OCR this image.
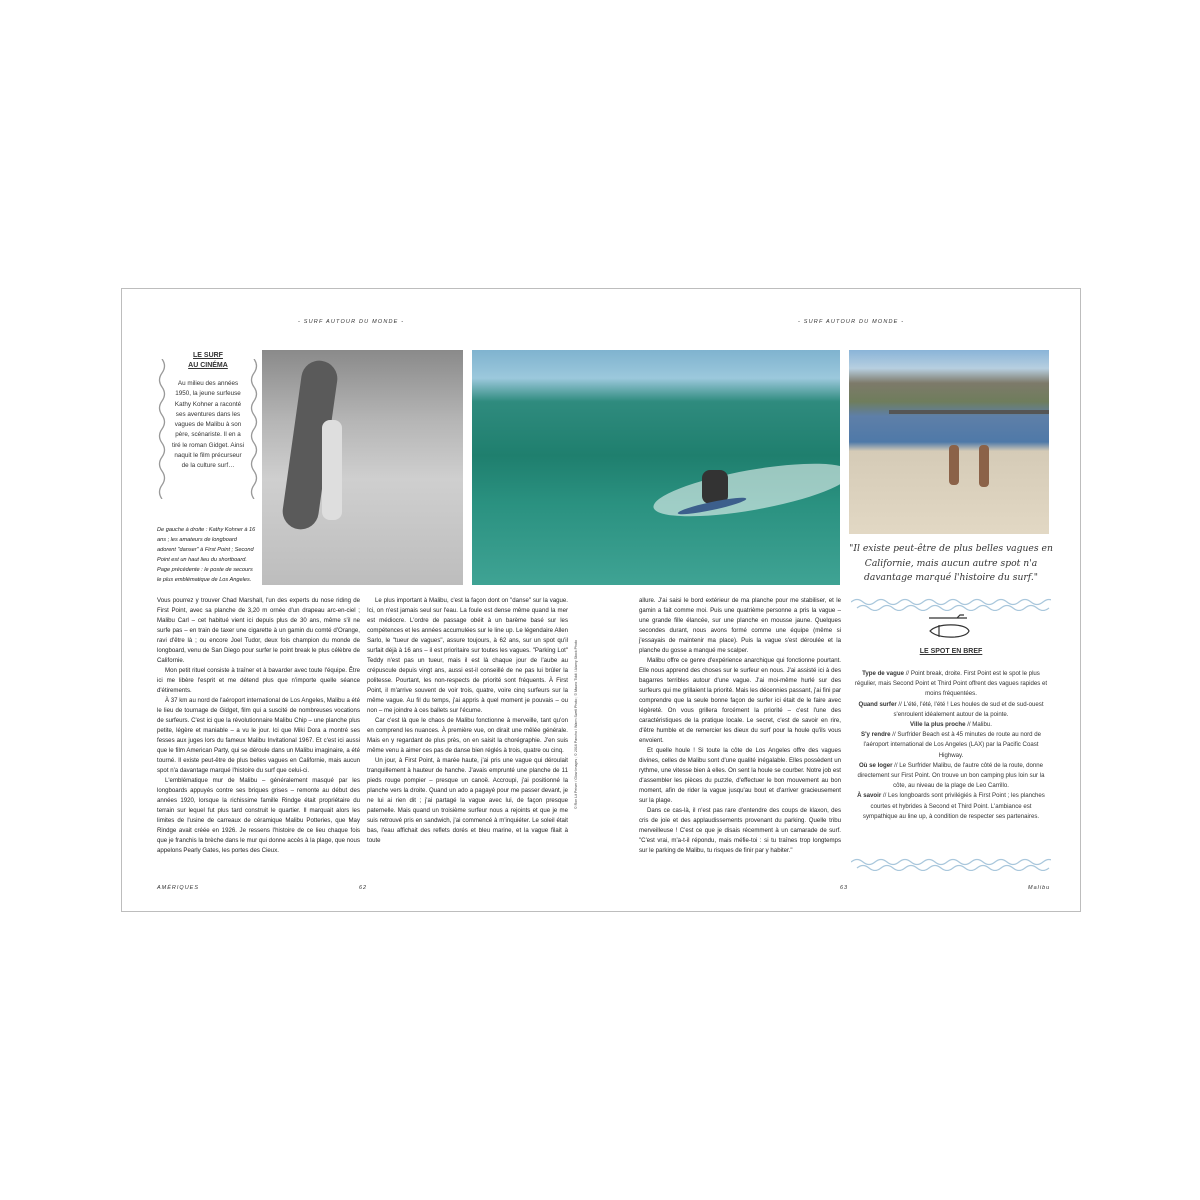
- SURF AUTOUR DU MONDE -	- SURF AUTOUR DU MONDE -
LE SURF
AU CINÉMA
Au milieu des années 1950, la jeune surfeuse Kathy Kohner a raconté ses aventures dans les vagues de Malibu à son père, scénariste. Il en a tiré le roman Gidget. Ainsi naquit le film précurseur de la culture surf…
De gauche à droite : Kathy Kohner à 16 ans ; les amateurs de longboard adorent "danser" à First Point ; Second Point est un haut lieu du shortboard. Page précédente : le poste de secours le plus emblématique de Los Angeles.
© Ron Lit Peiser / Glow Images ; © 2016 Pancho / Warm Swell Photo ; © Mauro Tiddi / Alamy Stock Photo

Vous pourrez y trouver Chad Marshall, l'un des experts du nose riding de First Point, avec sa planche de 3,20 m ornée d'un drapeau arc-en-ciel ; Malibu Carl – cet habitué vient ici depuis plus de 30 ans, même s'il ne surfe pas – en train de taxer une cigarette à un gamin du comté d'Orange, ravi d'être là ; ou encore Joel Tudor, deux fois champion du monde de longboard, venu de San Diego pour surfer le point break le plus célèbre de Californie.

Mon petit rituel consiste à traîner et à bavarder avec toute l'équipe. Être ici me libère l'esprit et me détend plus que n'importe quelle séance d'étirements.

À 37 km au nord de l'aéroport international de Los Angeles, Malibu a été le lieu de tournage de Gidget, film qui a suscité de nombreuses vocations de surfeurs. C'est ici que la révolutionnaire Malibu Chip – une planche plus petite, légère et maniable – a vu le jour. Ici que Miki Dora a montré ses fesses aux juges lors du fameux Malibu Invitational 1967. Et c'est ici aussi que le film American Party, qui se déroule dans un Malibu imaginaire, a été tourné. Il existe peut-être de plus belles vagues en Californie, mais aucun spot n'a davantage marqué l'histoire du surf que celui-ci.

L'emblématique mur de Malibu – généralement masqué par les longboards appuyés contre ses briques grises – remonte au début des années 1920, lorsque la richissime famille Rindge était propriétaire du terrain sur lequel fut plus tard construit le quartier. Il marquait alors les limites de l'usine de carreaux de céramique Malibu Potteries, que May Rindge avait créée en 1926. Je ressens l'histoire de ce lieu chaque fois que je franchis la brèche dans le mur qui donne accès à la plage, que nous appelons Pearly Gates, les portes des Cieux.

Le plus important à Malibu, c'est la façon dont on "danse" sur la vague. Ici, on n'est jamais seul sur l'eau. La foule est dense même quand la mer est médiocre. L'ordre de passage obéit à un barème basé sur les compétences et les années accumulées sur le line up. Le légendaire Allen Sarlo, le "tueur de vagues", assure toujours, à 62 ans, sur un spot qu'il surfait déjà à 16 ans – il est prioritaire sur toutes les vagues. "Parking Lot" Teddy n'est pas un tueur, mais il est là chaque jour de l'aube au crépuscule depuis vingt ans, aussi est-il conseillé de ne pas lui brûler la politesse. Pourtant, les non-respects de priorité sont fréquents. À First Point, il m'arrive souvent de voir trois, quatre, voire cinq surfeurs sur la même vague. Au fil du temps, j'ai appris à quel moment je pouvais – ou non – me joindre à ces ballets sur l'écume.

Car c'est là que le chaos de Malibu fonctionne à merveille, tant qu'on en comprend les nuances. À première vue, on dirait une mêlée générale. Mais en y regardant de plus près, on en saisit la chorégraphie. J'en suis même venu à aimer ces pas de danse bien réglés à trois, quatre ou cinq.

Un jour, à First Point, à marée haute, j'ai pris une vague qui déroulait tranquillement à hauteur de hanche. J'avais emprunté une planche de 11 pieds rouge pompier – presque un canoë. Accroupi, j'ai positionné la planche vers la droite. Quand un ado a pagayé pour me passer devant, je ne lui ai rien dit ; j'ai partagé la vague avec lui, de façon presque paternelle. Mais quand un troisième surfeur nous a rejoints et que je me suis retrouvé pris en sandwich, j'ai commencé à m'inquiéter. Le soleil était bas, l'eau affichait des reflets dorés et bleu marine, et la vague filait à toute

allure. J'ai saisi le bord extérieur de ma planche pour me stabiliser, et le gamin a fait comme moi. Puis une quatrième personne a pris la vague – une grande fille élancée, sur une planche en mousse jaune. Quelques secondes durant, nous avons formé comme une équipe (même si j'essayais de maintenir ma place). Puis la vague s'est déroulée et la planche du gosse a manqué me scalper.

Malibu offre ce genre d'expérience anarchique qui fonctionne pourtant. Elle nous apprend des choses sur le surfeur en nous. J'ai assisté ici à des bagarres terribles autour d'une vague. J'ai moi-même hurlé sur des surfeurs qui me grillaient la priorité. Mais les décennies passant, j'ai fini par comprendre que la seule bonne façon de surfer ici était de le faire avec légèreté. On vous grillera forcément la priorité – c'est l'une des caractéristiques de la pratique locale. Le secret, c'est de savoir en rire, d'être humble et de remercier les dieux du surf pour la houle qu'ils vous envoient.

Et quelle houle ! Si toute la côte de Los Angeles offre des vagues divines, celles de Malibu sont d'une qualité inégalable. Elles possèdent un rythme, une vitesse bien à elles. On sent la houle se courber. Notre job est d'assembler les pièces du puzzle, d'effectuer le bon mouvement au bon moment, afin de rider la vague jusqu'au bout et d'arriver gracieusement sur la plage.

Dans ce cas-là, il n'est pas rare d'entendre des coups de klaxon, des cris de joie et des applaudissements provenant du parking. Quelle tribu merveilleuse ! C'est ce que je disais récemment à un camarade de surf. "C'est vrai, m'a-t-il répondu, mais méfie-toi : si tu traînes trop longtemps sur le parking de Malibu, tu risques de finir par y habiter."

"Il existe peut-être de plus belles vagues en Californie, mais aucun autre spot n'a davantage marqué l'histoire du surf."
LE SPOT EN BREF
Type de vague // Point break, droite. First Point est le spot le plus régulier, mais Second Point et Third Point offrent des vagues rapides et moins fréquentées.
Quand surfer // L'été, l'été, l'été ! Les houles de sud et de sud-ouest s'enroulent idéalement autour de la pointe.
Ville la plus proche // Malibu.
S'y rendre // Surfrider Beach est à 45 minutes de route au nord de l'aéroport international de Los Angeles (LAX) par la Pacific Coast Highway.
Où se loger // Le Surfrider Malibu, de l'autre côté de la route, donne directement sur First Point. On trouve un bon camping plus loin sur la côte, au niveau de la plage de Leo Carrillo.
À savoir // Les longboards sont privilégiés à First Point ; les planches courtes et hybrides à Second et Third Point. L'ambiance est sympathique au line up, à condition de respecter ses partenaires.
AMÉRIQUES	62	63	Malibu
